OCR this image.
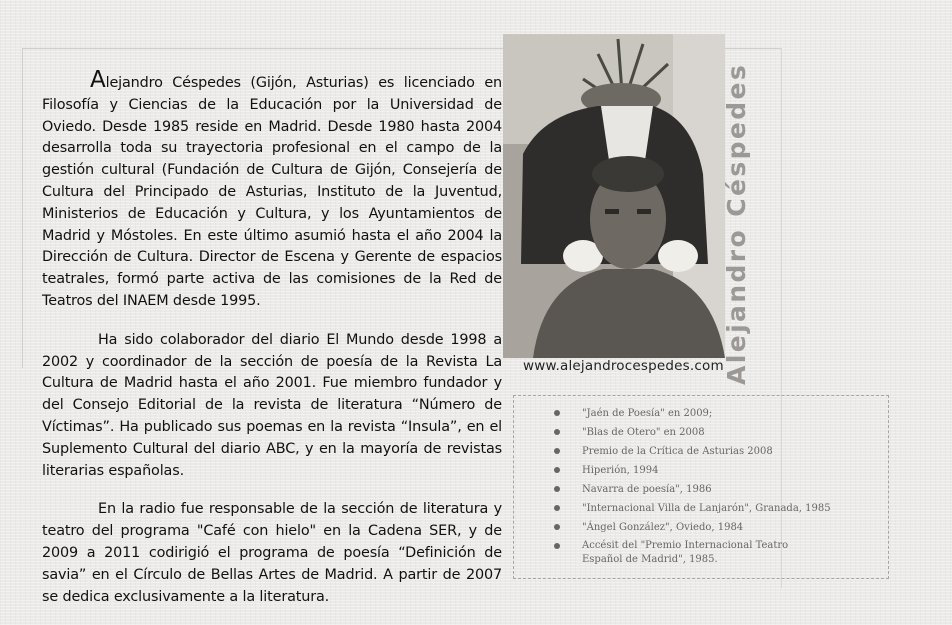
Alejandro Céspedes (Gijón, Asturias) es licenciado en Filosofía y Ciencias de la Educación por la Universidad de Oviedo. Desde 1985 reside en Madrid. Desde 1980 hasta 2004 desarrolla toda su trayectoria profesional en el campo de la gestión cultural (Fundación de Cultura de Gijón, Consejería de Cultura del Principado de Asturias, Instituto de la Juventud, Ministerios de Educación y Cultura, y los Ayuntamientos de Madrid y Móstoles. En este último asumió hasta el año 2004 la Dirección de Cultura. Director de Escena y Gerente de espacios teatrales, formó parte activa de las comisiones de la Red de Teatros del INAEM desde 1995.

Ha sido colaborador del diario El Mundo desde 1998 a 2002 y coordinador de la sección de poesía de la Revista La Cultura de Madrid hasta el año 2001. Fue miembro fundador y del Consejo Editorial de la revista de literatura “Número de Víctimas”. Ha publicado sus poemas en la revista “Insula”, en el Suplemento Cultural del diario ABC, y en la mayoría de revistas literarias españolas.

En la radio fue responsable de la sección de literatura y teatro del programa "Café con hielo" en la Cadena SER, y de 2009 a 2011 codirigió el programa de poesía “Definición de savia” en el Círculo de Bellas Artes de Madrid. A partir de 2007 se dedica exclusivamente a la literatura.

www.alejandrocespedes.com
Alejandro Céspedes
"Jaén de Poesía" en 2009;
"Blas de Otero" en 2008
Premio de la Crítica de Asturias 2008
Hiperión, 1994
Navarra de poesía", 1986
"Internacional Villa de Lanjarón", Granada, 1985
"Ángel González", Oviedo, 1984
Accésit del "Premio Internacional Teatro Español de Madrid", 1985.
